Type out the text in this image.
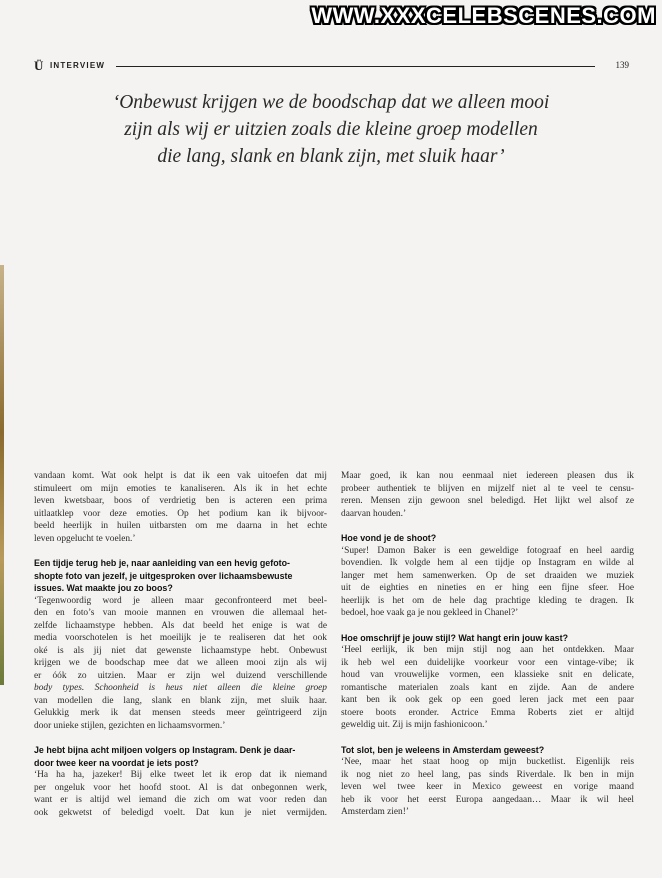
WWW.XXXCELEBSCENES.COM
Ü INTERVIEW	139
‘Onbewust krijgen we de boodschap dat we alleen mooi
zijn als wij er uitzien zoals die kleine groep modellen
die lang, slank en blank zijn, met sluik haar’
vandaan komt. Wat ook helpt is dat ik een vak uitoefen dat mij
stimuleert om mijn emoties te kanaliseren. Als ik in het echte
leven kwetsbaar, boos of verdrietig ben is acteren een prima
uitlaatklep voor deze emoties. Op het podium kan ik bijvoor-
beeld heerlijk in huilen uitbarsten om me daarna in het echte
leven opgelucht te voelen.’
Een tijdje terug heb je, naar aanleiding van een hevig gefoto-
shopte foto van jezelf, je uitgesproken over lichaamsbewuste
issues. Wat maakte jou zo boos?
‘Tegenwoordig word je alleen maar geconfronteerd met beel-
den en foto’s van mooie mannen en vrouwen die allemaal het-
zelfde lichaamstype hebben. Als dat beeld het enige is wat de
media voorschotelen is het moeilijk je te realiseren dat het ook
oké is als jij niet dat gewenste lichaamstype hebt. Onbewust
krijgen we de boodschap mee dat we alleen mooi zijn als wij
er óók zo uitzien. Maar er zijn wel duizend verschillende
body types. Schoonheid is heus niet alleen die kleine groep
van modellen die lang, slank en blank zijn, met sluik haar.
Gelukkig merk ik dat mensen steeds meer geïntrigeerd zijn
door unieke stijlen, gezichten en lichaamsvormen.’
Je hebt bijna acht miljoen volgers op Instagram. Denk je daar-
door twee keer na voordat je iets post?
‘Ha ha ha, jazeker! Bij elke tweet let ik erop dat ik niemand
per ongeluk voor het hoofd stoot. Al is dat onbegonnen werk,
want er is altijd wel iemand die zich om wat voor reden dan
ook gekwetst of beledigd voelt. Dat kun je niet vermijden.
Maar goed, ik kan nou eenmaal niet iedereen pleasen dus ik
probeer authentiek te blijven en mijzelf niet al te veel te censu-
reren. Mensen zijn gewoon snel beledigd. Het lijkt wel alsof ze
daarvan houden.’
Hoe vond je de shoot?
‘Super! Damon Baker is een geweldige fotograaf en heel aardig
bovendien. Ik volgde hem al een tijdje op Instagram en wilde al
langer met hem samenwerken. Op de set draaiden we muziek
uit de eighties en nineties en er hing een fijne sfeer. Hoe
heerlijk is het om de hele dag prachtige kleding te dragen. Ik
bedoel, hoe vaak ga je nou gekleed in Chanel?’
Hoe omschrijf je jouw stijl? Wat hangt erin jouw kast?
‘Heel eerlijk, ik ben mijn stijl nog aan het ontdekken. Maar
ik heb wel een duidelijke voorkeur voor een vintage-vibe; ik
houd van vrouwelijke vormen, een klassieke snit en delicate,
romantische materialen zoals kant en zijde. Aan de andere
kant ben ik ook gek op een goed leren jack met een paar
stoere boots eronder. Actrice Emma Roberts ziet er altijd
geweldig uit. Zij is mijn fashionicoon.’
Tot slot, ben je weleens in Amsterdam geweest?
‘Nee, maar het staat hoog op mijn bucketlist. Eigenlijk reis
ik nog niet zo heel lang, pas sinds Riverdale. Ik ben in mijn
leven wel twee keer in Mexico geweest en vorige maand
heb ik voor het eerst Europa aangedaan… Maar ik wil heel
Amsterdam zien!’
